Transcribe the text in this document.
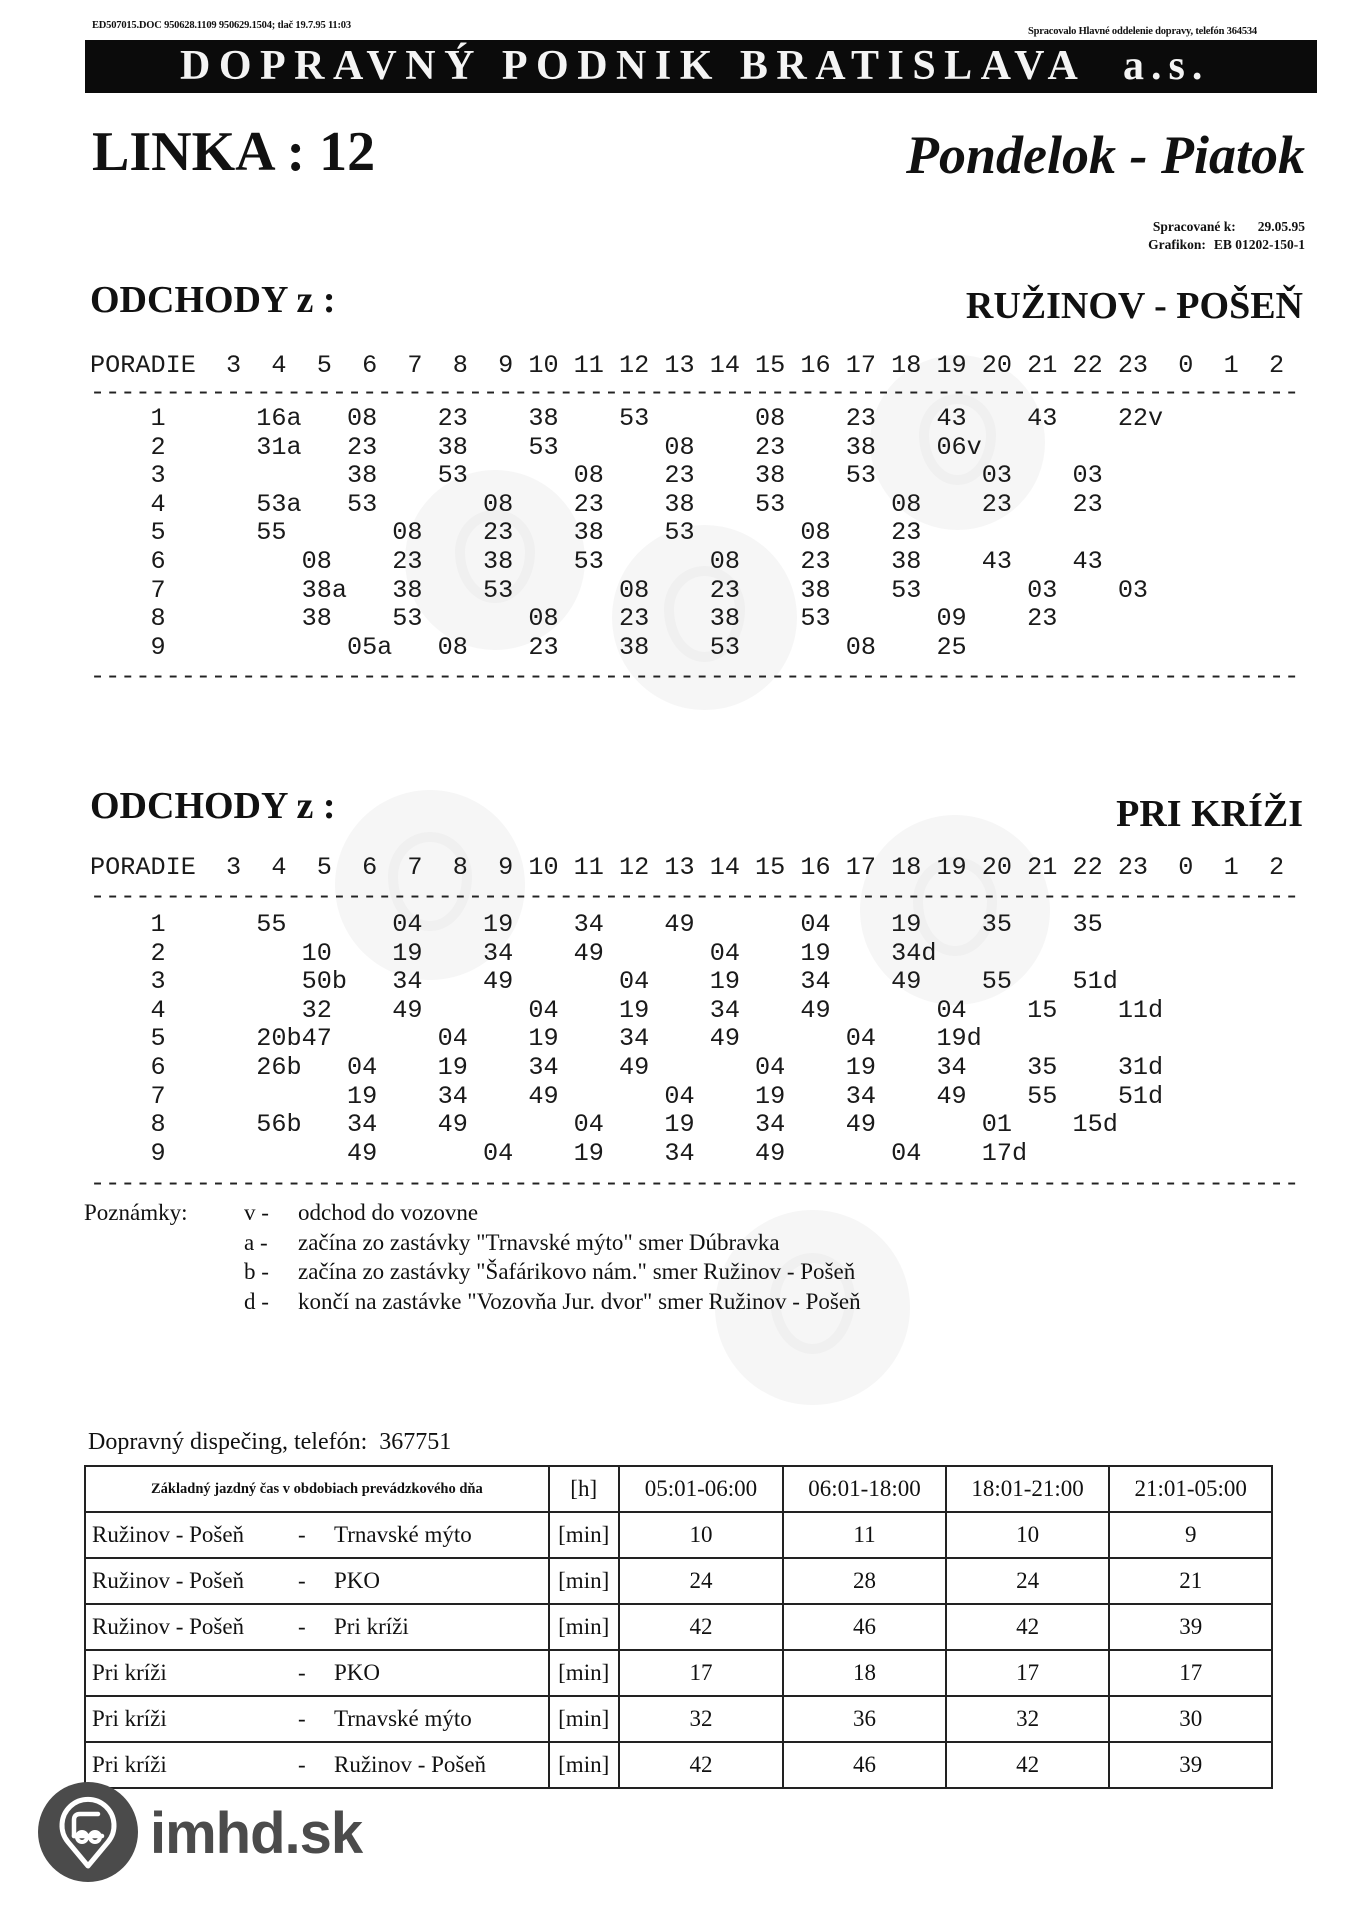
ED507015.DOC 950628.1109 950629.1504; tlač 19.7.95 11:03
Spracovalo Hlavné oddelenie dopravy, telefón 364534
DOPRAVNÝ PODNIK BRATISLAVA a.s.
LINKA : 12	Pondelok - Piatok
Spracované k: 29.05.95
Grafikon: EB 01202-150-1
ODCHODY z :	RUŽINOV - POŠEŇ
PORADIE  3  4  5  6  7  8  9 10 11 12 13 14 15 16 17 18 19 20 21 22 23  0  1  2
--------------------------------------------------------------------------------
1      16a   08    23    38    53       08    23    43    43    22v
2      31a   23    38    53       08    23    38    06v
3            38    53       08    23    38    53       03    03
4      53a   53       08    23    38    53       08    23    23
5      55       08    23    38    53       08    23
6         08    23    38    53       08    23    38    43    43
7         38a   38    53       08    23    38    53       03    03
8         38    53       08    23    38    53       09    23
9            05a   08    23    38    53       08    25
--------------------------------------------------------------------------------
ODCHODY z :	PRI KRÍŽI
PORADIE  3  4  5  6  7  8  9 10 11 12 13 14 15 16 17 18 19 20 21 22 23  0  1  2
--------------------------------------------------------------------------------
1      55       04    19    34    49       04    19    35    35
2         10    19    34    49       04    19    34d
3         50b   34    49       04    19    34    49    55    51d
4         32    49       04    19    34    49       04    15    11d
5      20b47       04    19    34    49       04    19d
6      26b   04    19    34    49       04    19    34    35    31d
7            19    34    49       04    19    34    49    55    51d
8      56b   34    49       04    19    34    49       01    15d
9            49       04    19    34    49       04    17d
--------------------------------------------------------------------------------
Poznámky: v -	odchod do vozovne
a -	začína zo zastávky "Trnavské mýto" smer Dúbravka
b -	začína zo zastávky "Šafárikovo nám." smer Ružinov - Pošeň
d -	končí na zastávke "Vozovňa Jur. dvor" smer Ružinov - Pošeň
Dopravný dispečing, telefón:  367751
Základný jazdný čas v obdobiach prevádzkového dňa	[h]	05:01-06:00	06:01-18:00	18:01-21:00	21:01-05:00
Ružinov - Pošeň - Trnavské mýto	[min]	10	11	10	9
Ružinov - Pošeň - PKO	[min]	24	28	24	21
Ružinov - Pošeň - Pri kríži	[min]	42	46	42	39
Pri kríži - PKO	[min]	17	18	17	17
Pri kríži - Trnavské mýto	[min]	32	36	32	30
Pri kríži - Ružinov - Pošeň	[min]	42	46	42	39
imhd.sk
